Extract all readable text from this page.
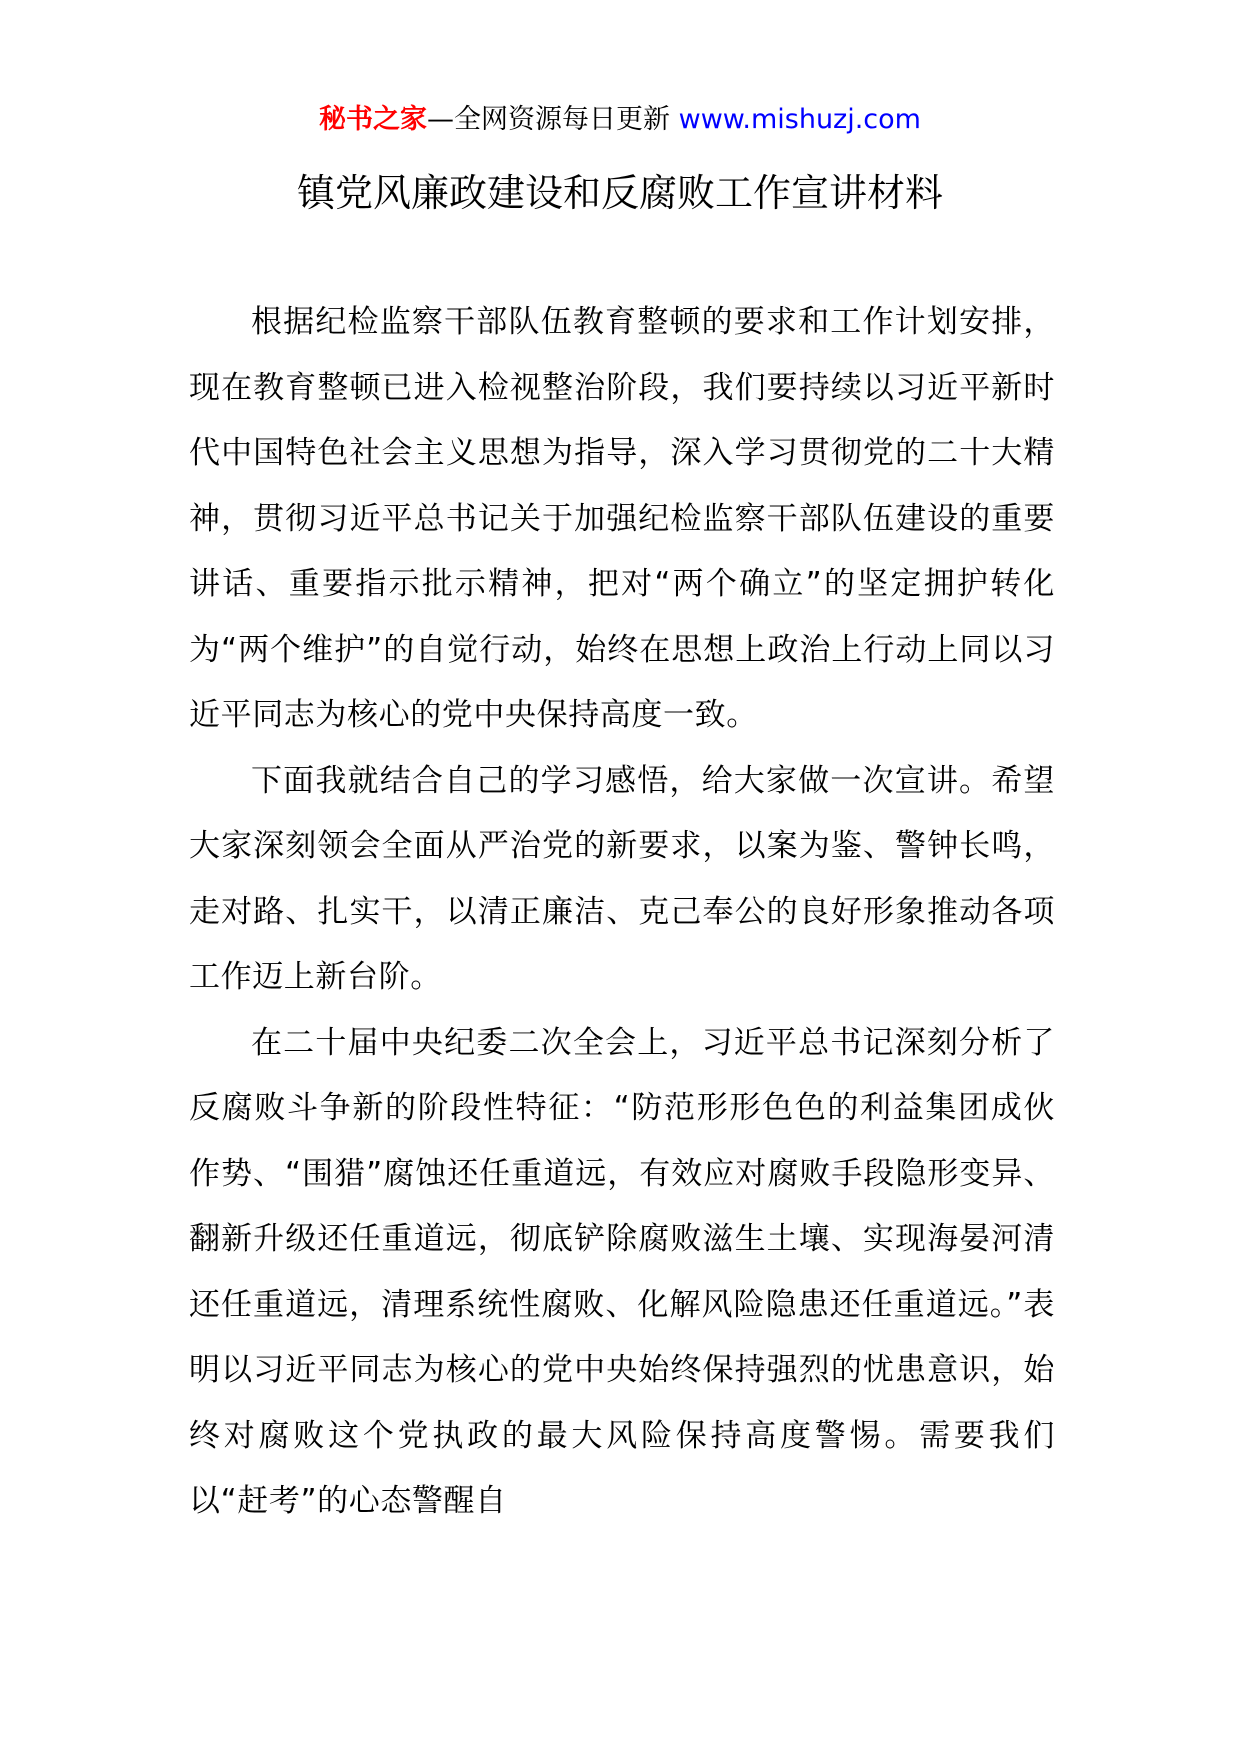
秘书之家—全网资源每日更新 www.mishuzj.com
镇党风廉政建设和反腐败工作宣讲材料

根据纪检监察干部队伍教育整顿的要求和工作计划安排，现在教育整顿已进入检视整治阶段，我们要持续以习近平新时代中国特色社会主义思想为指导，深入学习贯彻党的二十大精神，贯彻习近平总书记关于加强纪检监察干部队伍建设的重要讲话、重要指示批示精神，把对“两个确立”的坚定拥护转化为“两个维护”的自觉行动，始终在思想上政治上行动上同以习近平同志为核心的党中央保持高度一致。

下面我就结合自己的学习感悟，给大家做一次宣讲。希望大家深刻领会全面从严治党的新要求，以案为鉴、警钟长鸣，走对路、扎实干，以清正廉洁、克己奉公的良好形象推动各项工作迈上新台阶。

在二十届中央纪委二次全会上，习近平总书记深刻分析了反腐败斗争新的阶段性特征：“防范形形色色的利益集团成伙作势、“围猎”腐蚀还任重道远，有效应对腐败手段隐形变异、翻新升级还任重道远，彻底铲除腐败滋生土壤、实现海晏河清还任重道远，清理系统性腐败、化解风险隐患还任重道远。”表明以习近平同志为核心的党中央始终保持强烈的忧患意识，始终对腐败这个党执政的最大风险保持高度警惕。需要我们以“赶考”的心态警醒自
